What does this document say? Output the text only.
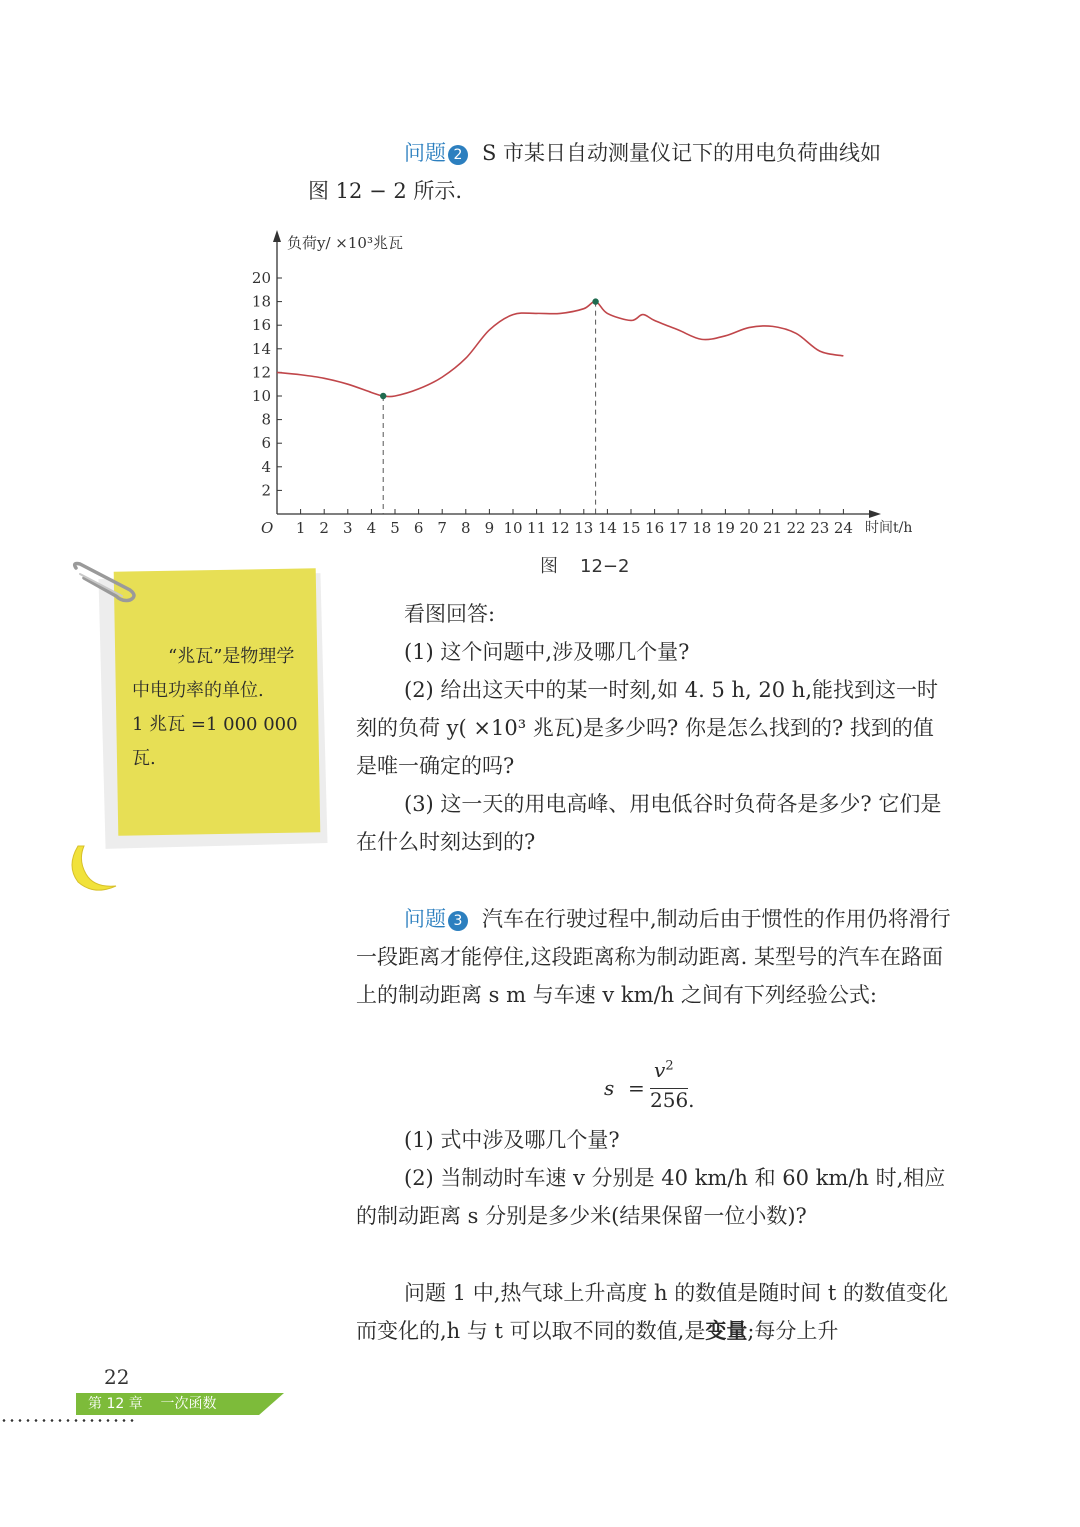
问题 2 S 市某日自动测量仪记下的用电负荷曲线如
图 12 − 2 所示.

负荷y/ ×10³兆瓦
时间t/h
O 1 2 3 4 5 6 7 8 9 10 11 12 13 14 15 16 17 18 19 20 21 22 23 24
2
4
6
8
10
12
14
16
18
20
图 12−2
“兆瓦”是物理学中电功率的单位.
1 兆瓦 =1 000 000 瓦.

看图回答:

(1) 这个问题中,涉及哪几个量?

(2) 给出这天中的某一时刻,如 4. 5 h, 20 h,能找到这一时刻的负荷 y( ×10³ 兆瓦)是多少吗? 你是怎么找到的? 找到的值是唯一确定的吗?

(3) 这一天的用电高峰、用电低谷时负荷各是多少? 它们是在什么时刻达到的?

问题 3 汽车在行驶过程中,制动后由于惯性的作用仍将滑行一段距离才能停住,这段距离称为制动距离. 某型号的汽车在路面上的制动距离 s m 与车速 v km/h 之间有下列经验公式:

s =
$v^2$
256.

(1) 式中涉及哪几个量?

(2) 当制动时车速 v 分别是 40 km/h 和 60 km/h 时,相应的制动距离 s 分别是多少米(结果保留一位小数)?

问题 1 中,热气球上升高度 h 的数值是随时间 t 的数值变化而变化的,h 与 t 可以取不同的数值,是变量;每分上升

22
第 12 章    一次函数
